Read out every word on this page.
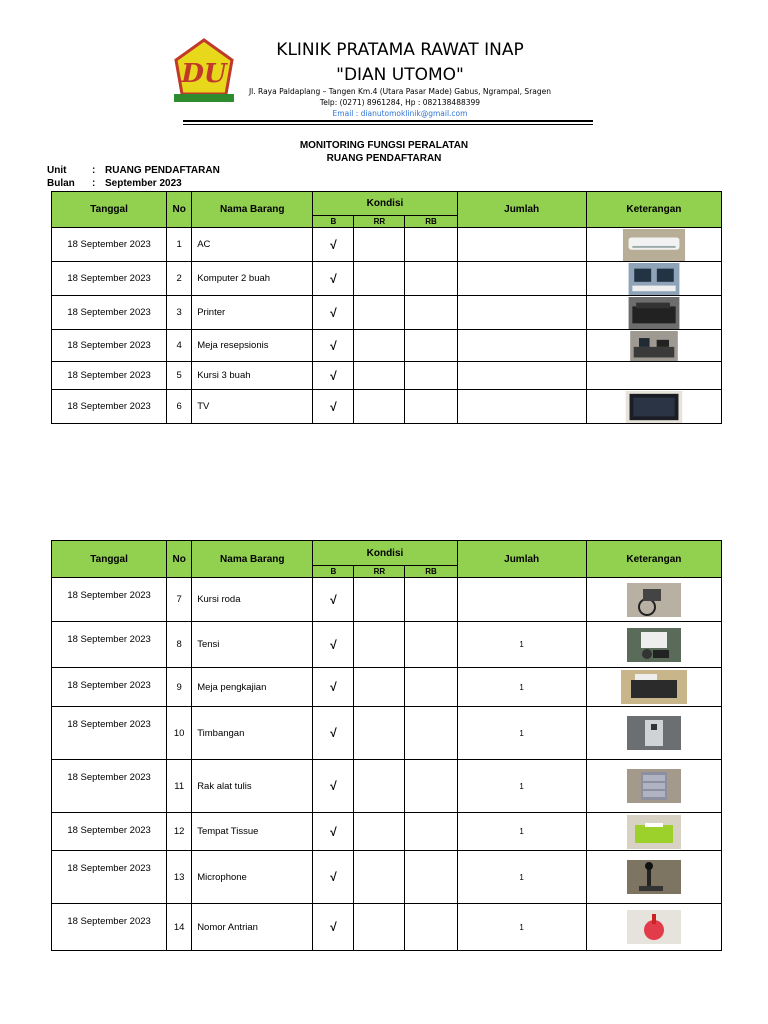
DU
KLINIK PRATAMA RAWAT INAP
"DIAN UTOMO"
Jl. Raya Paldaplang – Tangen Km.4 (Utara Pasar Made) Gabus, Ngrampal, Sragen
Telp: (0271) 8961284, Hp : 082138488399
Email : dianutomoklinik@gmail.com
MONITORING FUNGSI PERALATAN
RUANG PENDAFTARAN
Unit	: RUANG PENDAFTARAN
Bulan : September 2023
Tanggal	No	Nama Barang	Kondisi			Jumlah	Keterangan
			B	RR	RB		
18 September 2023	1	AC	√				

18 September 2023	2	Komputer 2 buah	√				

18 September 2023	3	Printer	√				

18 September 2023	4	Meja resepsionis	√				

18 September 2023	5	Kursi 3 buah	√				
18 September 2023	6	TV	√				
Tanggal	No	Nama Barang	Kondisi			Jumlah	Keterangan
			B	RR	RB		
18 September 2023	7	Kursi roda	√				

18 September 2023	8	Tensi	√			1	

18 September 2023	9	Meja pengkajian	√			1	

18 September 2023	10	Timbangan	√			1	

18 September 2023	11	Rak alat tulis	√			1	

18 September 2023	12	Tempat Tissue	√			1	

18 September 2023	13	Microphone	√			1	

18 September 2023	14	Nomor Antrian	√			1	
